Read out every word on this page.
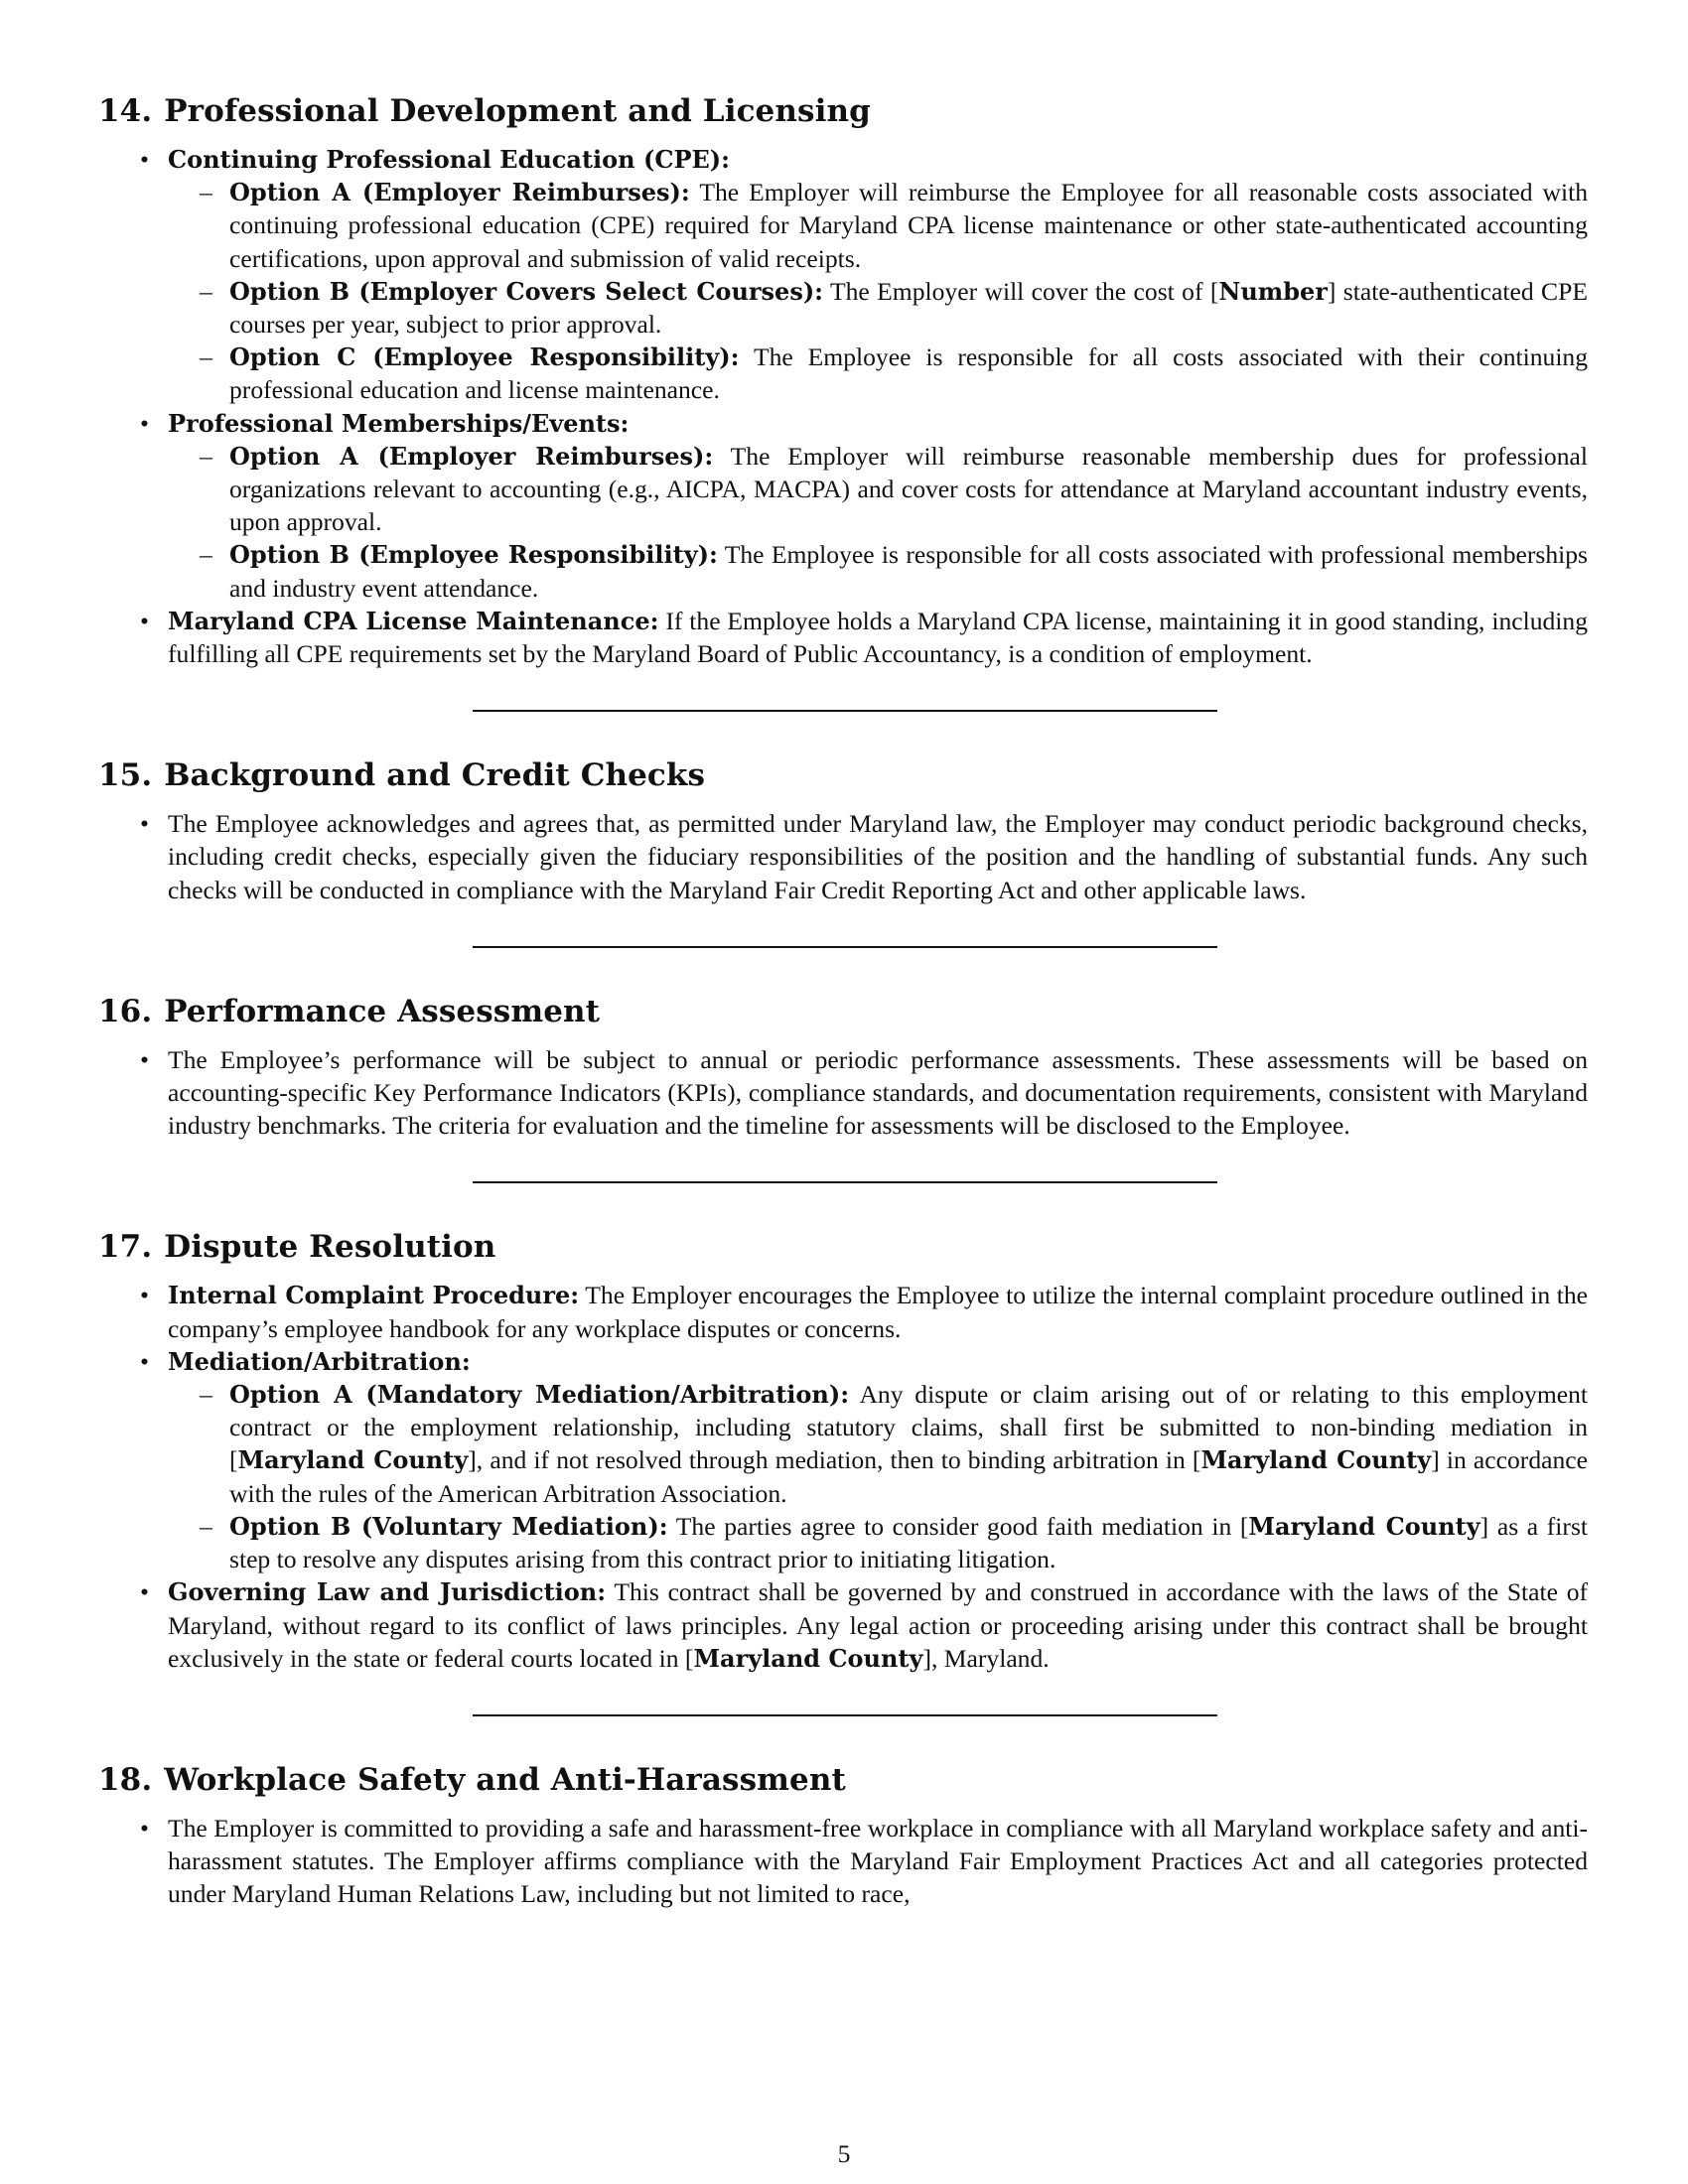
14. Professional Development and Licensing
• Continuing Professional Education (CPE):
– Option A (Employer Reimburses): The Employer will reimburse the Employee for all reasonable costs associated with continuing professional education (CPE) required for Maryland CPA license maintenance or other state-authenticated accounting certifications, upon approval and submission of valid receipts.
– Option B (Employer Covers Select Courses): The Employer will cover the cost of [Number] state-authenticated CPE courses per year, subject to prior approval.
– Option C (Employee Responsibility): The Employee is responsible for all costs associated with their continuing professional education and license maintenance.
• Professional Memberships/Events:
– Option A (Employer Reimburses): The Employer will reimburse reasonable membership dues for professional organizations relevant to accounting (e.g., AICPA, MACPA) and cover costs for attendance at Maryland accountant industry events, upon approval.
– Option B (Employee Responsibility): The Employee is responsible for all costs associated with professional memberships and industry event attendance.
• Maryland CPA License Maintenance: If the Employee holds a Maryland CPA license, maintaining it in good standing, including fulfilling all CPE requirements set by the Maryland Board of Public Accountancy, is a condition of employment.
15. Background and Credit Checks
• The Employee acknowledges and agrees that, as permitted under Maryland law, the Employer may conduct periodic background checks, including credit checks, especially given the fiduciary responsibilities of the position and the handling of substantial funds. Any such checks will be conducted in compliance with the Maryland Fair Credit Reporting Act and other applicable laws.
16. Performance Assessment
• The Employee’s performance will be subject to annual or periodic performance assessments. These assessments will be based on accounting-specific Key Performance Indicators (KPIs), compliance standards, and documentation requirements, consistent with Maryland industry benchmarks. The criteria for evaluation and the timeline for assessments will be disclosed to the Employee.
17. Dispute Resolution
• Internal Complaint Procedure: The Employer encourages the Employee to utilize the internal complaint procedure outlined in the company’s employee handbook for any workplace disputes or concerns.
• Mediation/Arbitration:
– Option A (Mandatory Mediation/Arbitration): Any dispute or claim arising out of or relating to this employment contract or the employment relationship, including statutory claims, shall first be submitted to non-binding mediation in [Maryland County], and if not resolved through mediation, then to binding arbitration in [Maryland County] in accordance with the rules of the American Arbitration Association.
– Option B (Voluntary Mediation): The parties agree to consider good faith mediation in [Maryland County] as a first step to resolve any disputes arising from this contract prior to initiating litigation.
• Governing Law and Jurisdiction: This contract shall be governed by and construed in accordance with the laws of the State of Maryland, without regard to its conflict of laws principles. Any legal action or proceeding arising under this contract shall be brought exclusively in the state or federal courts located in [Maryland County], Maryland.
18. Workplace Safety and Anti-Harassment
• The Employer is committed to providing a safe and harassment-free workplace in compliance with all Maryland workplace safety and anti-harassment statutes. The Employer affirms compliance with the Maryland Fair Employment Practices Act and all categories protected under Maryland Human Relations Law, including but not limited to race,
5
